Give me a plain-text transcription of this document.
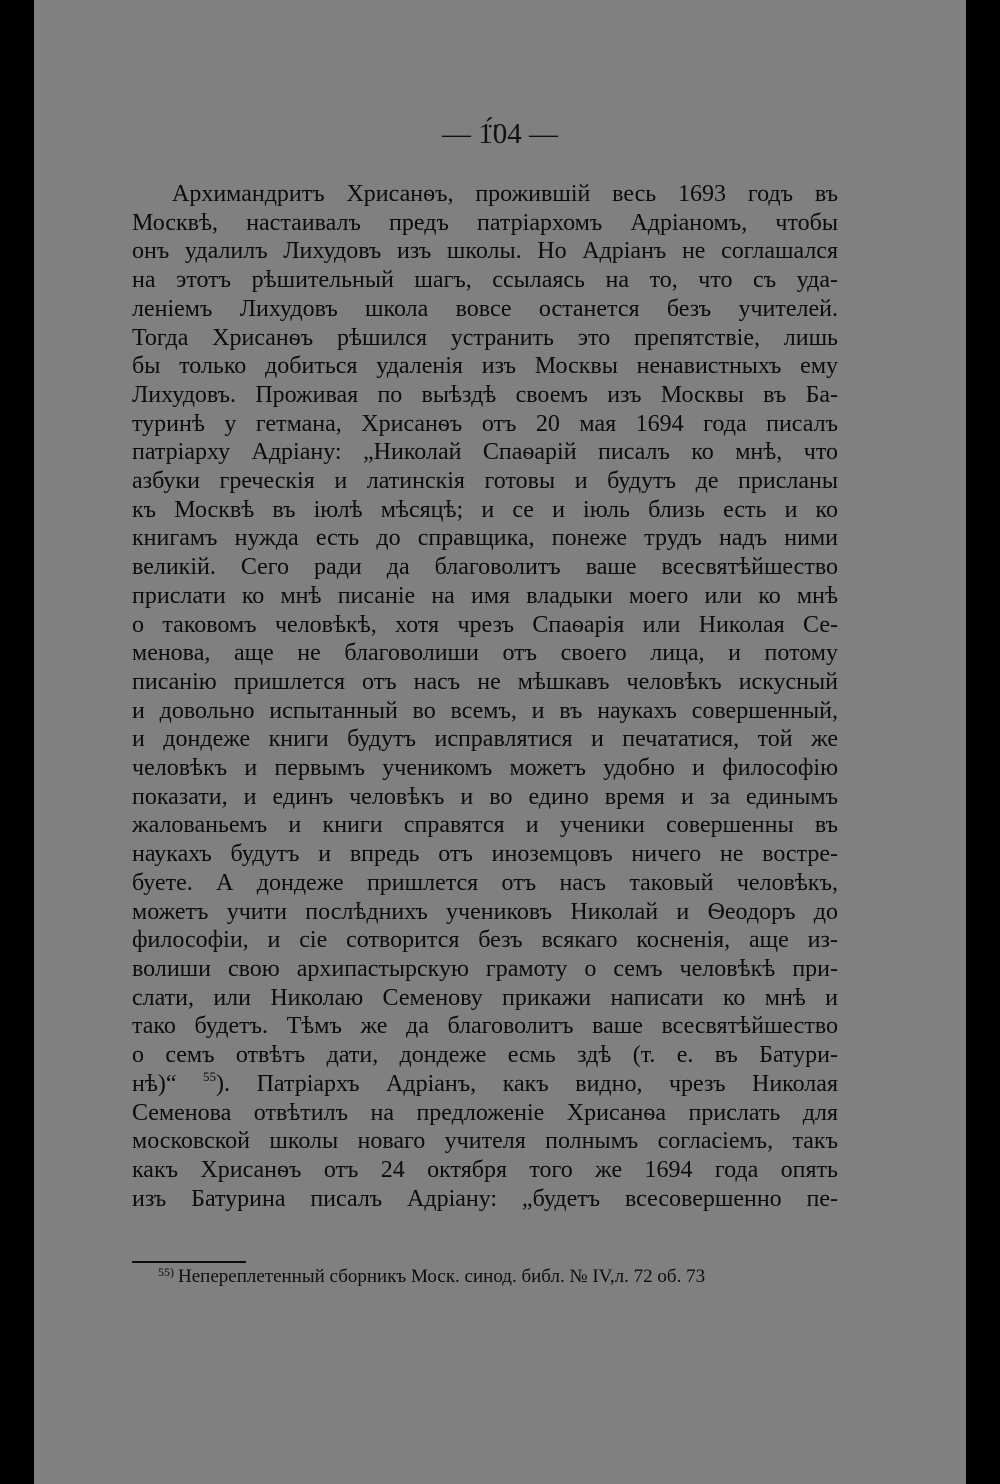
— 1̈́04 —
Архимандритъ Хрисанѳъ, прожившій весь 1693 годъ въ
Москвѣ, настаивалъ предъ патріархомъ Адріаномъ, чтобы
онъ удалилъ Лихудовъ изъ школы. Но Адріанъ не соглашался
на этотъ рѣшительный шагъ, ссылаясь на то, что съ уда-
леніемъ Лихудовъ школа вовсе останется безъ учителей.
Тогда Хрисанѳъ рѣшился устранить это препятствіе, лишь
бы только добиться удаленія изъ Москвы ненавистныхъ ему
Лихудовъ. Проживая по выѣздѣ своемъ изъ Москвы въ Ба-
туринѣ у гетмана, Хрисанѳъ отъ 20 мая 1694 года писалъ
патріарху Адріану: „Николай Спаѳарій писалъ ко мнѣ, что
азбуки греческія и латинскія готовы и будутъ де присланы
къ Москвѣ въ іюлѣ мѣсяцѣ; и се и іюль близь есть и ко
книгамъ нужда есть до справщика, понеже трудъ надъ ними
великій. Сего ради да благоволитъ ваше всесвятѣйшество
прислати ко мнѣ писаніе на имя владыки моего или ко мнѣ
о таковомъ человѣкѣ, хотя чрезъ Спаѳарія или Николая Се-
менова, аще не благоволиши отъ своего лица, и потому
писанію пришлется отъ насъ не мѣшкавъ человѣкъ искусный
и довольно испытанный во всемъ, и въ наукахъ совершенный,
и дондеже книги будутъ исправлятися и печататися, той же
человѣкъ и первымъ ученикомъ можетъ удобно и философію
показати, и единъ человѣкъ и во едино время и за единымъ
жалованьемъ и книги справятся и ученики совершенны въ
наукахъ будутъ и впредь отъ иноземцовъ ничего не востре-
буете. А дондеже пришлется отъ насъ таковый человѣкъ,
можетъ учити послѣднихъ учениковъ Николай и Ѳеодоръ до
философіи, и сіе сотворится безъ всякаго косненія, аще из-
волиши свою архипастырскую грамоту о семъ человѣкѣ при-
слати, или Николаю Семенову прикажи написати ко мнѣ и
тако будетъ. Тѣмъ же да благоволитъ ваше всесвятѣйшество
о семъ отвѣтъ дати, дондеже есмь здѣ (т. е. въ Батури-
нѣ)“ $^{55}$). Патріархъ Адріанъ, какъ видно, чрезъ Николая
Семенова отвѣтилъ на предложеніе Хрисанѳа прислать для
московской школы новаго учителя полнымъ согласіемъ, такъ
какъ Хрисанѳъ отъ 24 октября того же 1694 года опять
изъ Батурина писалъ Адріану: „будетъ всесовершенно пе-
$^{55)}$ Непереплетенный сборникъ Моск. синод. библ. № IV,л. 72 об. 73
